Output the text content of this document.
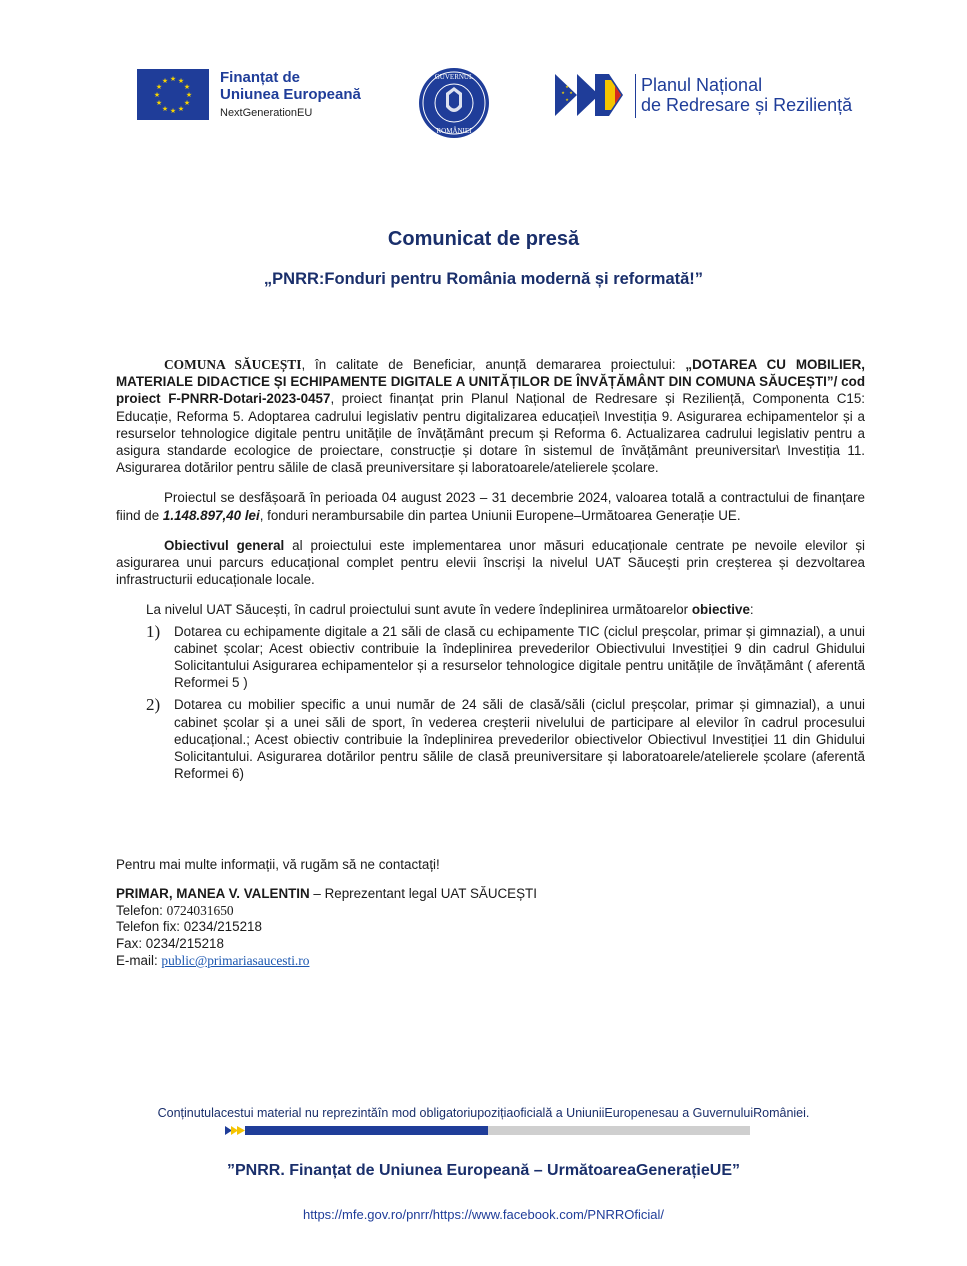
★ ★
★
★
★
★
★
★
★
★
★
★	Finanțat de
Uniunea Europeană
NextGenerationEU
GUVERNUL
ROMÂNIEI
★
★
★
★	Planul Național
de Redresare și Reziliență
Comunicat de presă
„PNRR:Fonduri pentru România modernă și reformată!”

COMUNA SĂUCEȘTI, în calitate de Beneficiar, anunță demararea proiectului: „DOTAREA CU MOBILIER, MATERIALE DIDACTICE ȘI ECHIPAMENTE DIGITALE A UNITĂȚILOR DE ÎNVĂȚĂMÂNT DIN COMUNA SĂUCEȘTI”/ cod proiect F-PNRR-Dotari-2023-0457, proiect finanțat prin Planul Național de Redresare și Reziliență, Componenta C15: Educație, Reforma 5. Adoptarea cadrului legislativ pentru digitalizarea educației\ Investiția 9. Asigurarea echipamentelor și a resurselor tehnologice digitale pentru unitățile de învățământ precum și Reforma 6. Actualizarea cadrului legislativ pentru a asigura standarde ecologice de proiectare, construcție și dotare în sistemul de învățământ preuniversitar\ Investiția 11. Asigurarea dotărilor pentru sălile de clasă preuniversitare și laboratoarele/atelierele școlare.

Proiectul se desfășoară în perioada 04 august 2023 – 31 decembrie 2024, valoarea totală a contractului de finanțare fiind de 1.148.897,40 lei, fonduri nerambursabile din partea Uniunii Europene–Următoarea Generație UE.

Obiectivul general al proiectului este implementarea unor măsuri educaționale centrate pe nevoile elevilor și asigurarea unui parcurs educațional complet pentru elevii înscriși la nivelul UAT Săucești prin creșterea și dezvoltarea infrastructurii educaționale locale.

La nivelul UAT Săucești, în cadrul proiectului sunt avute în vedere îndeplinirea următoarelor obiective:

1)	Dotarea cu echipamente digitale a 21 săli de clasă cu echipamente TIC (ciclul preșcolar, primar și gimnazial), a unui cabinet școlar; Acest obiectiv contribuie la îndeplinirea prevederilor Obiectivului Investiției 9 din cadrul Ghidului Solicitantului Asigurarea echipamentelor și a resurselor tehnologice digitale pentru unitățile de învățământ ( aferentă Reformei 5 )
2)	Dotarea cu mobilier specific a unui număr de 24 săli de clasă/săli (ciclul preșcolar, primar și gimnazial), a unui cabinet școlar și a unei săli de sport, în vederea creșterii nivelului de participare al elevilor în cadrul procesului educațional.; Acest obiectiv contribuie la îndeplinirea prevederilor obiectivelor Obiectivul Investiției 11 din Ghidului Solicitantului. Asigurarea dotărilor pentru sălile de clasă preuniversitare și laboratoarele/atelierele școlare (aferentă Reformei 6)
Pentru mai multe informații, vă rugăm să ne contactați!
PRIMAR, MANEA V. VALENTIN – Reprezentant legal UAT SĂUCEȘTI
Telefon: 0724031650
Telefon fix: 0234/215218
Fax: 0234/215218
E-mail: public@primariasaucesti.ro
Conținutulacestui material nu reprezintăîn mod obligatoriupozițiaoficială a UniuniiEuropenesau a GuvernuluiRomâniei.
”PNRR. Finanțat de Uniunea Europeană – UrmătoareaGenerațieUE”
https://mfe.gov.ro/pnrr/https://www.facebook.com/PNRROficial/
